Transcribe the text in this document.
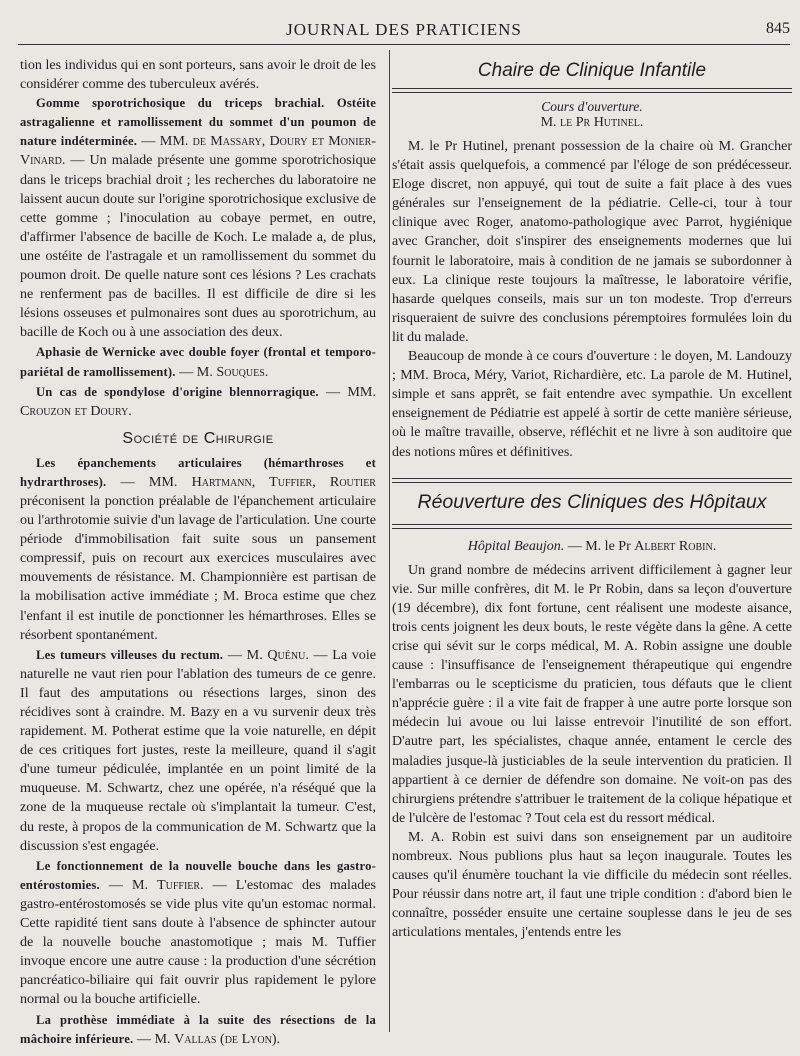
JOURNAL DES PRATICIENS	845

tion les individus qui en sont porteurs, sans avoir le droit de les considérer comme des tuberculeux avérés.

Gomme sporotrichosique du triceps brachial. Ostéite astragalienne et ramollissement du sommet d'un poumon de nature indéterminée. — MM. de Massary, Doury et Monier-Vinard. — Un malade présente une gomme sporotrichosique dans le triceps brachial droit ; les recherches du laboratoire ne laissent aucun doute sur l'origine sporotrichosique exclusive de cette gomme ; l'inoculation au cobaye permet, en outre, d'affirmer l'absence de bacille de Koch. Le malade a, de plus, une ostéite de l'astragale et un ramollissement du sommet du poumon droit. De quelle nature sont ces lésions ? Les crachats ne renferment pas de bacilles. Il est difficile de dire si les lésions osseuses et pulmonaires sont dues au sporotrichum, au bacille de Koch ou à une association des deux.

Aphasie de Wernicke avec double foyer (frontal et temporo-pariétal de ramollissement). — M. Souques.

Un cas de spondylose d'origine blennorragique. — MM. Crouzon et Doury.

Société de Chirurgie

Les épanchements articulaires (hémarthroses et hydrarthroses). — MM. Hartmann, Tuffier, Routier préconisent la ponction préalable de l'épanchement articulaire ou l'arthrotomie suivie d'un lavage de l'articulation. Une courte période d'immobilisation fait suite sous un pansement compressif, puis on recourt aux exercices musculaires avec mouvements de résistance. M. Championnière est partisan de la mobilisation active immédiate ; M. Broca estime que chez l'enfant il est inutile de ponctionner les hémarthroses. Elles se résorbent spontanément.

Les tumeurs villeuses du rectum. — M. Quénu. — La voie naturelle ne vaut rien pour l'ablation des tumeurs de ce genre. Il faut des amputations ou résections larges, sinon des récidives sont à craindre. M. Bazy en a vu survenir deux très rapidement. M. Potherat estime que la voie naturelle, en dépit de ces critiques fort justes, reste la meilleure, quand il s'agit d'une tumeur pédiculée, implantée en un point limité de la muqueuse. M. Schwartz, chez une opérée, n'a réséqué que la zone de la muqueuse rectale où s'implantait la tumeur. C'est, du reste, à propos de la communication de M. Schwartz que la discussion s'est engagée.

Le fonctionnement de la nouvelle bouche dans les gastro-entérostomies. — M. Tuffier. — L'estomac des malades gastro-entérostomosés se vide plus vite qu'un estomac normal. Cette rapidité tient sans doute à l'absence de sphincter autour de la nouvelle bouche anastomotique ; mais M. Tuffier invoque encore une autre cause : la production d'une sécrétion pancréatico-biliaire qui fait ouvrir plus rapidement le pylore normal ou la bouche artificielle.

La prothèse immédiate à la suite des résections de la mâchoire inférieure. — M. Vallas (de Lyon).

Chaire de Clinique Infantile
Cours d'ouverture.
M. le Pr Hutinel.

M. le Pr Hutinel, prenant possession de la chaire où M. Grancher s'était assis quelquefois, a commencé par l'éloge de son prédécesseur. Eloge discret, non appuyé, qui tout de suite a fait place à des vues générales sur l'enseignement de la pédiatrie. Celle-ci, tour à tour clinique avec Roger, anatomo-pathologique avec Parrot, hygiénique avec Grancher, doit s'inspirer des enseignements modernes que lui fournit le laboratoire, mais à condition de ne jamais se subordonner à eux. La clinique reste toujours la maîtresse, le laboratoire vérifie, hasarde quelques conseils, mais sur un ton modeste. Trop d'erreurs risqueraient de suivre des conclusions péremptoires formulées loin du lit du malade.

Beaucoup de monde à ce cours d'ouverture : le doyen, M. Landouzy ; MM. Broca, Méry, Variot, Richardière, etc. La parole de M. Hutinel, simple et sans apprêt, se fait entendre avec sympathie. Un excellent enseignement de Pédiatrie est appelé à sortir de cette manière sérieuse, où le maître travaille, observe, réfléchit et ne livre à son auditoire que des notions mûres et définitives.

Réouverture des Cliniques des Hôpitaux
Hôpital Beaujon. — M. le Pr Albert Robin.

Un grand nombre de médecins arrivent difficilement à gagner leur vie. Sur mille confrères, dit M. le Pr Robin, dans sa leçon d'ouverture (19 décembre), dix font fortune, cent réalisent une modeste aisance, trois cents joignent les deux bouts, le reste végète dans la gêne. A cette crise qui sévit sur le corps médical, M. A. Robin assigne une double cause : l'insuffisance de l'enseignement thérapeutique qui engendre l'embarras ou le scepticisme du praticien, tous défauts que le client n'apprécie guère : il a vite fait de frapper à une autre porte lorsque son médecin lui avoue ou lui laisse entrevoir l'inutilité de son effort. D'autre part, les spécialistes, chaque année, entament le cercle des maladies jusque-là justiciables de la seule intervention du praticien. Il appartient à ce dernier de défendre son domaine. Ne voit-on pas des chirurgiens prétendre s'attribuer le traitement de la colique hépatique et de l'ulcère de l'estomac ? Tout cela est du ressort médical.

M. A. Robin est suivi dans son enseignement par un auditoire nombreux. Nous publions plus haut sa leçon inaugurale. Toutes les causes qu'il énumère touchant la vie difficile du médecin sont réelles. Pour réussir dans notre art, il faut une triple condition : d'abord bien le connaître, posséder ensuite une certaine souplesse dans le jeu de ses articulations mentales, j'entends entre les
